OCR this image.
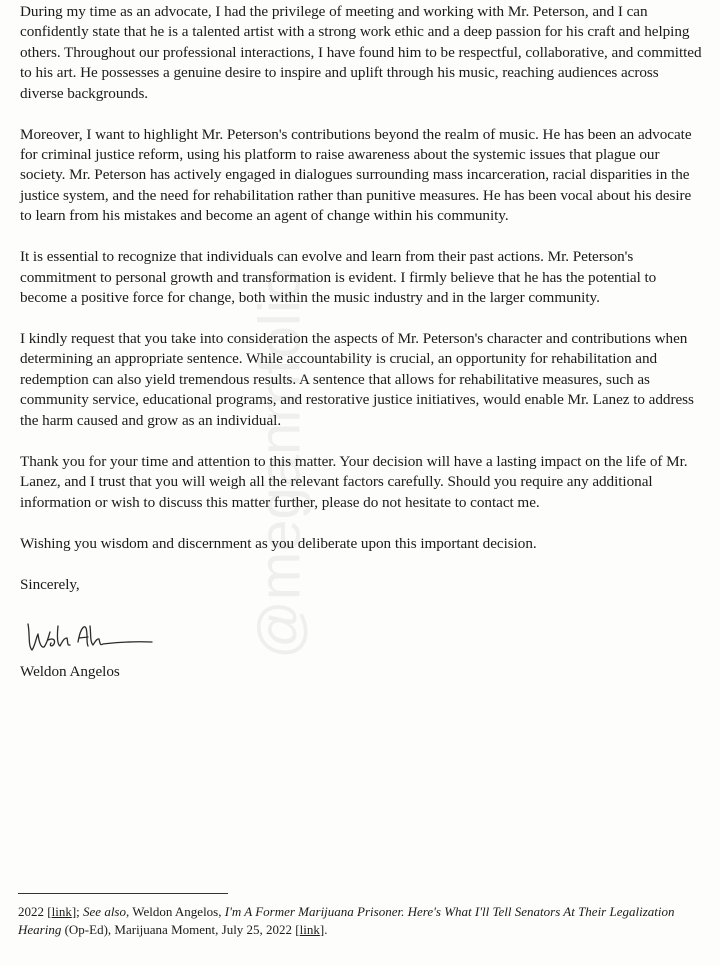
@meganmfolio

During my time as an advocate, I had the privilege of meeting and working with Mr. Peterson, and I can confidently state that he is a talented artist with a strong work ethic and a deep passion for his craft and helping others. Throughout our professional interactions, I have found him to be respectful, collaborative, and committed to his art. He possesses a genuine desire to inspire and uplift through his music, reaching audiences across diverse backgrounds.

Moreover, I want to highlight Mr. Peterson's contributions beyond the realm of music. He has been an advocate for criminal justice reform, using his platform to raise awareness about the systemic issues that plague our society. Mr. Peterson has actively engaged in dialogues surrounding mass incarceration, racial disparities in the justice system, and the need for rehabilitation rather than punitive measures. He has been vocal about his desire to learn from his mistakes and become an agent of change within his community.

It is essential to recognize that individuals can evolve and learn from their past actions. Mr. Peterson's commitment to personal growth and transformation is evident. I firmly believe that he has the potential to become a positive force for change, both within the music industry and in the larger community.

I kindly request that you take into consideration the aspects of Mr. Peterson's character and contributions when determining an appropriate sentence. While accountability is crucial, an opportunity for rehabilitation and redemption can also yield tremendous results. A sentence that allows for rehabilitative measures, such as community service, educational programs, and restorative justice initiatives, would enable Mr. Lanez to address the harm caused and grow as an individual.

Thank you for your time and attention to this matter. Your decision will have a lasting impact on the life of Mr. Lanez, and I trust that you will weigh all the relevant factors carefully. Should you require any additional information or wish to discuss this matter further, please do not hesitate to contact me.

Wishing you wisdom and discernment as you deliberate upon this important decision.

Sincerely,

Weldon Angelos

2022 [link]; See also, Weldon Angelos, I'm A Former Marijuana Prisoner. Here's What I'll Tell Senators At Their Legalization Hearing (Op-Ed), Marijuana Moment, July 25, 2022 [link].
